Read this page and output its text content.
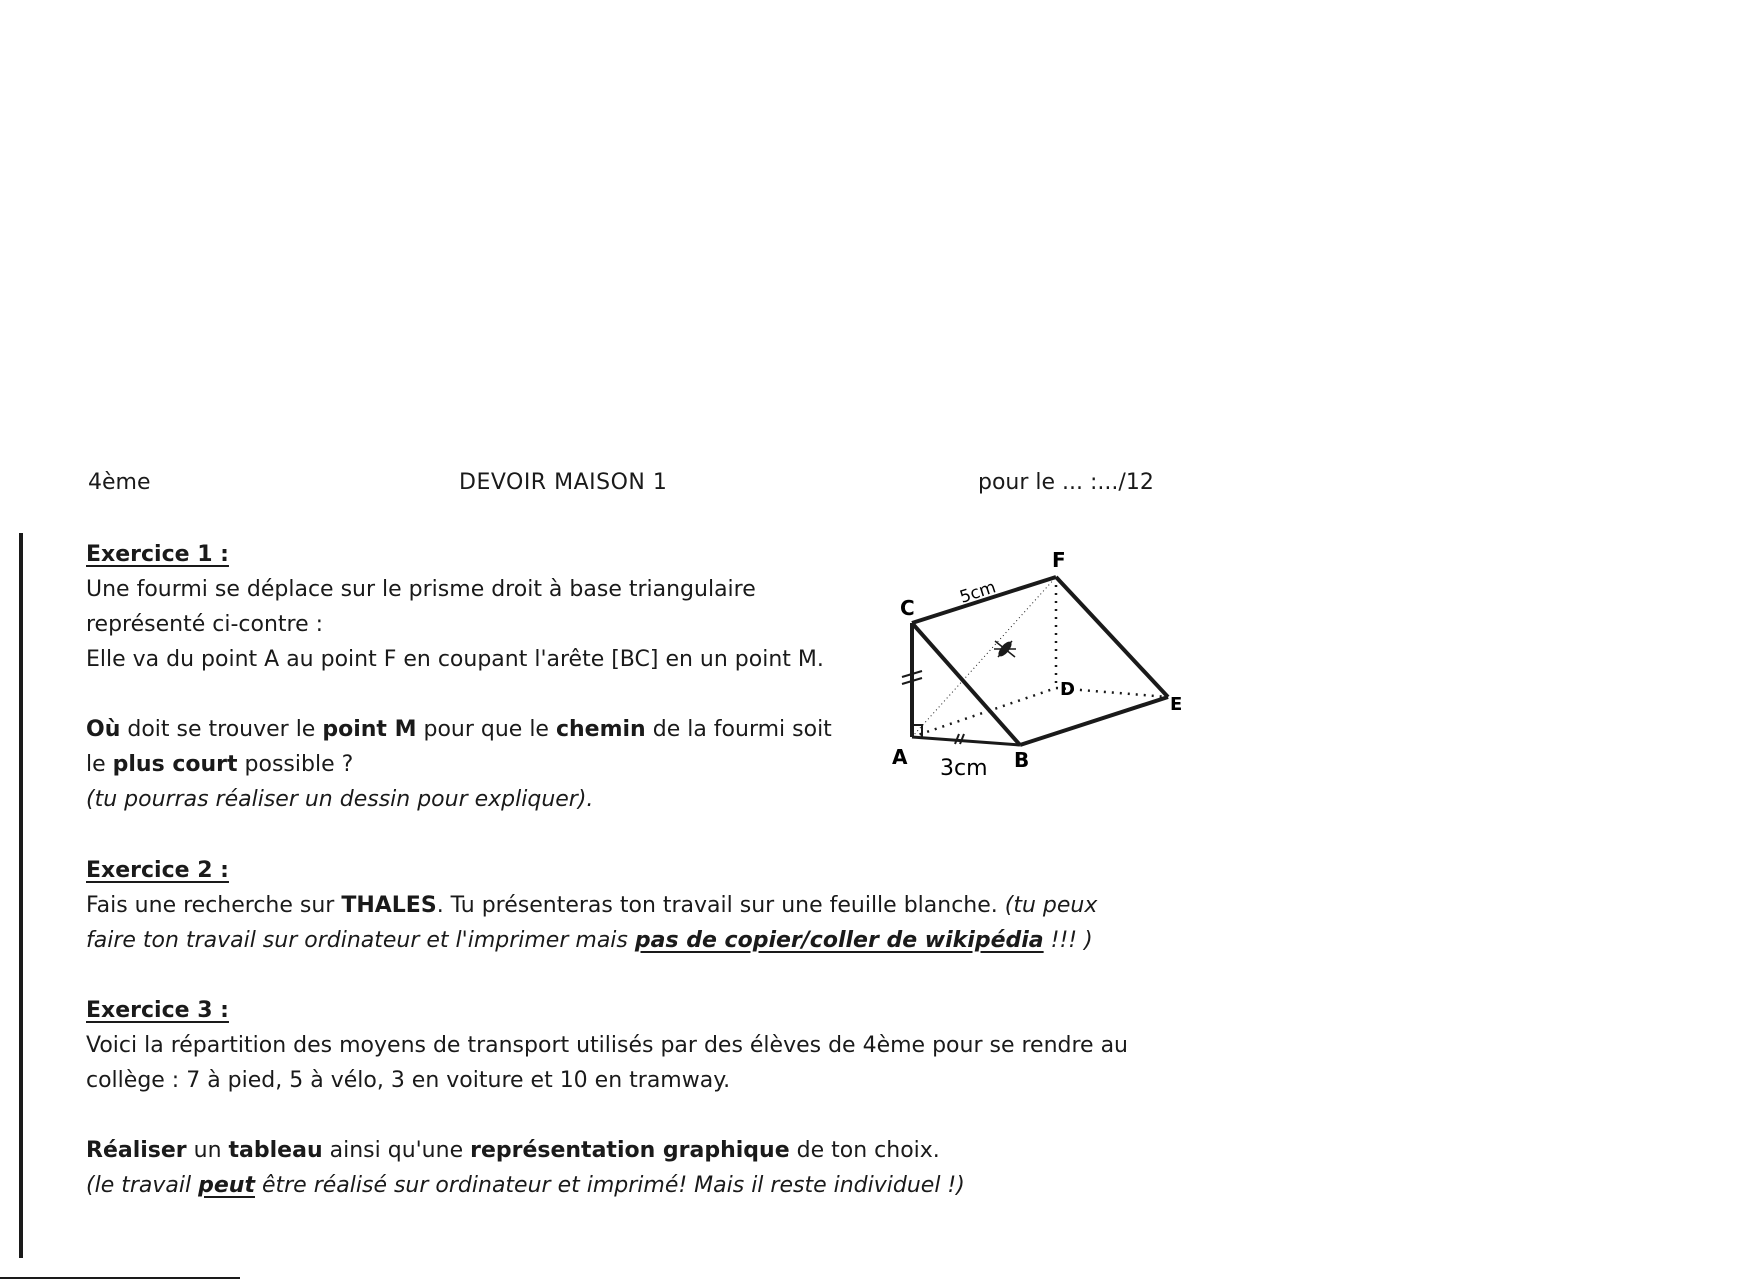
4ème	DEVOIR MAISON 1	pour le ... :.../12
Exercice 1 :
Une fourmi se déplace sur le prisme droit à base triangulaire
représenté ci-contre :
Elle va du point A au point F en coupant l'arête [BC] en un point M.
Où doit se trouver le point M pour que le chemin de la fourmi soit
le plus court possible ?
(tu pourras réaliser un dessin pour expliquer).
C
F
A	B
D
E
5cm
3cm
Exercice 2 :
Fais une recherche sur THALES. Tu présenteras ton travail sur une feuille blanche. (tu peux
faire ton travail sur ordinateur et l'imprimer mais pas de copier/coller de wikipédia !!! )
Exercice 3 :
Voici la répartition des moyens de transport utilisés par des élèves de 4ème pour se rendre au
collège : 7 à pied, 5 à vélo, 3 en voiture et 10 en tramway.
Réaliser un tableau ainsi qu'une représentation graphique de ton choix.
(le travail peut être réalisé sur ordinateur et imprimé! Mais il reste individuel !)
